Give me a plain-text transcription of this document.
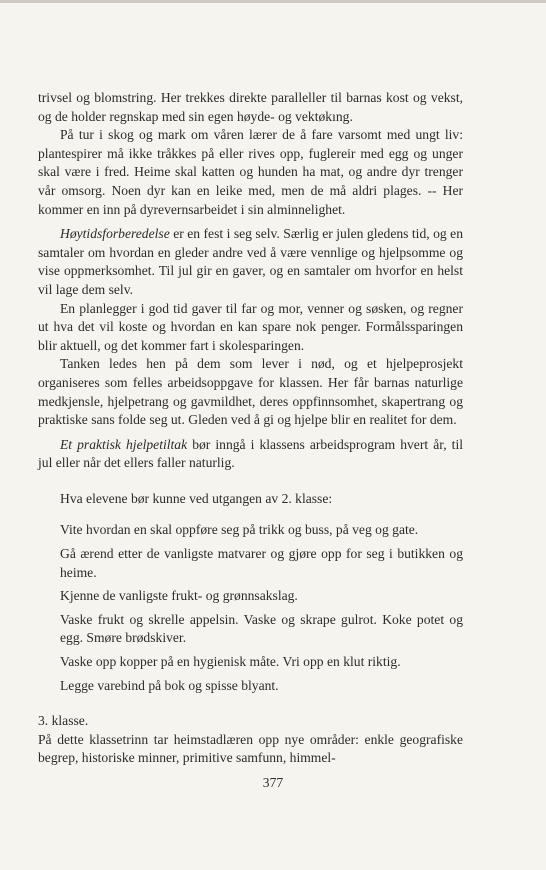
trivsel og blomstring. Her trekkes direkte paralleller til barnas kost og vekst, og de holder regnskap med sin egen høyde- og vektøkıng.

På tur i skog og mark om våren lærer de å fare varsomt med ungt liv: plantespirer må ikke tråkkes på eller rives opp, fuglereir med egg og unger skal være i fred. Heime skal katten og hunden ha mat, og andre dyr trenger vår omsorg. Noen dyr kan en leike med, men de må aldri plages. -- Her kommer en inn på dyrevernsarbeidet i sin alminnelighet.

Høytidsforberedelse er en fest i seg selv. Særlig er julen gledens tid, og en samtaler om hvordan en gleder andre ved å være vennlige og hjelpsomme og vise oppmerksomhet. Til jul gir en gaver, og en samtaler om hvorfor en helst vil lage dem selv.

En planlegger i god tid gaver til far og mor, venner og søsken, og regner ut hva det vil koste og hvordan en kan spare nok penger. Formålssparingen blir aktuell, og det kommer fart i skolesparingen.

Tanken ledes hen på dem som lever i nød, og et hjelpeprosjekt organiseres som felles arbeidsoppgave for klassen. Her får barnas naturlige medkjensle, hjelpetrang og gavmildhet, deres oppfinnsomhet, skapertrang og praktiske sans folde seg ut. Gleden ved å gi og hjelpe blir en realitet for dem.

Et praktisk hjelpetiltak bør inngå i klassens arbeidsprogram hvert år, til jul eller når det ellers faller naturlig.

Hva elevene bør kunne ved utgangen av 2. klasse:

Vite hvordan en skal oppføre seg på trikk og buss, på veg og gate.
Gå ærend etter de vanligste matvarer og gjøre opp for seg i butikken og heime.
Kjenne de vanligste frukt- og grønnsakslag.
Vaske frukt og skrelle appelsin. Vaske og skrape gulrot. Koke potet og egg. Smøre brødskiver.
Vaske opp kopper på en hygienisk måte. Vri opp en klut riktig.
Legge varebind på bok og spisse blyant.

3. klasse.

På dette klassetrinn tar heimstadlæren opp nye områder: enkle geografiske begrep, historiske minner, primitive samfunn, himmel-

377
